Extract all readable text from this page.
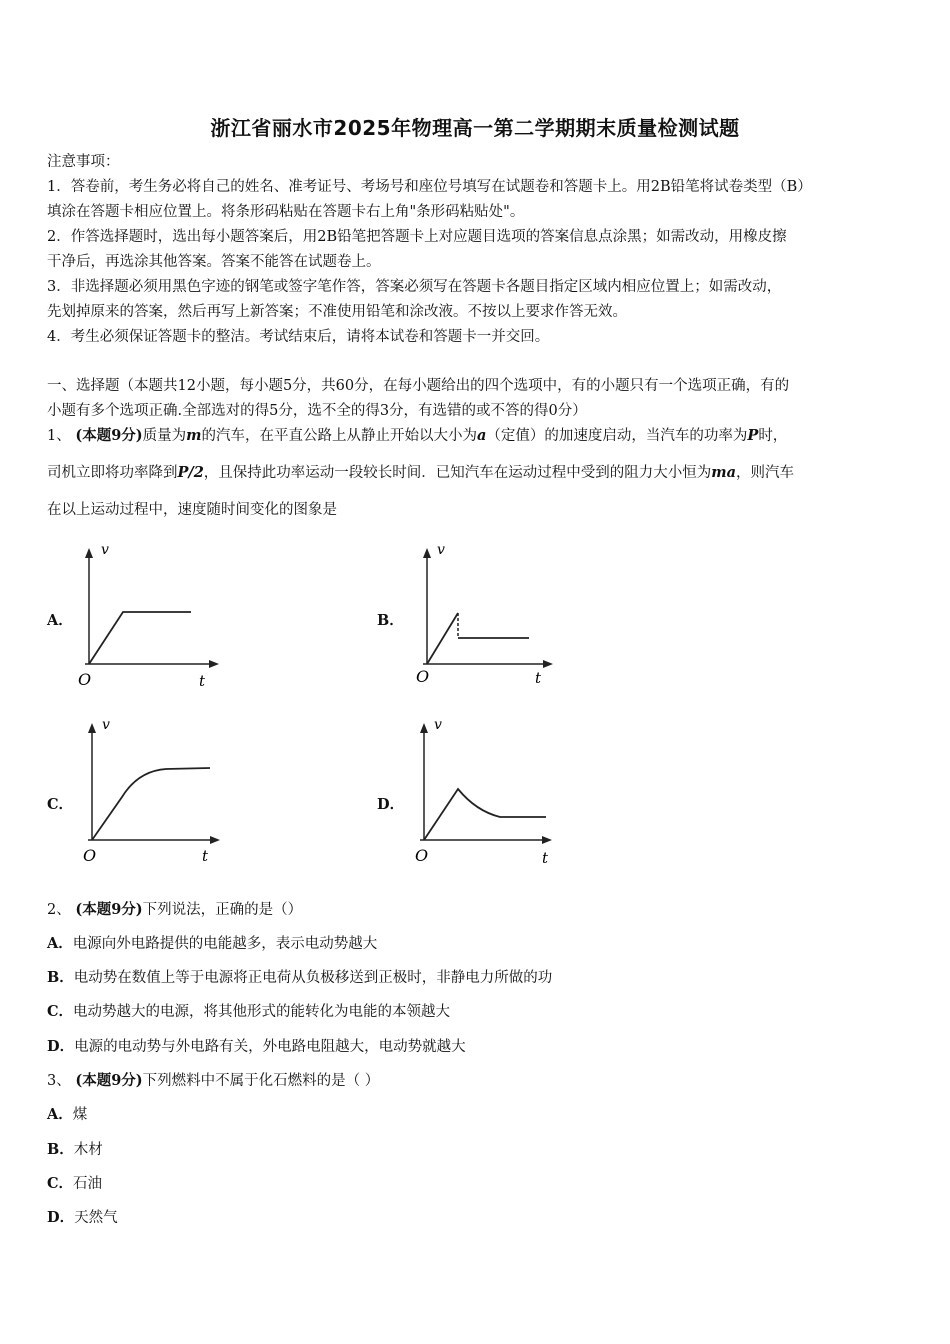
浙江省丽水市2025年物理高一第二学期期末质量检测试题
注意事项：
1．答卷前，考生务必将自己的姓名、准考证号、考场号和座位号填写在试题卷和答题卡上。用2B铅笔将试卷类型（B）
填涂在答题卡相应位置上。将条形码粘贴在答题卡右上角"条形码粘贴处"。
2．作答选择题时，选出每小题答案后，用2B铅笔把答题卡上对应题目选项的答案信息点涂黑；如需改动，用橡皮擦
干净后，再选涂其他答案。答案不能答在试题卷上。
3．非选择题必须用黑色字迹的钢笔或签字笔作答，答案必须写在答题卡各题目指定区域内相应位置上；如需改动，
先划掉原来的答案，然后再写上新答案；不准使用铅笔和涂改液。不按以上要求作答无效。
4．考生必须保证答题卡的整洁。考试结束后，请将本试卷和答题卡一并交回。
一、选择题（本题共12小题，每小题5分，共60分，在每小题给出的四个选项中，有的小题只有一个选项正确，有的
小题有多个选项正确.全部选对的得5分，选不全的得3分，有选错的或不答的得0分）
1、 (本题9分)质量为m的汽车，在平直公路上从静止开始以大小为a（定值）的加速度启动，当汽车的功率为P时，
司机立即将功率降到P/2，且保持此功率运动一段较长时间．已知汽车在运动过程中受到的阻力大小恒为ma，则汽车
在以上运动过程中，速度随时间变化的图象是
A．
v
O	t
B．
v
O	t
C．
v
O	t
D．
v
O	t
2、 (本题9分)下列说法，正确的是（）
A．电源向外电路提供的电能越多，表示电动势越大
B．电动势在数值上等于电源将正电荷从负极移送到正极时，非静电力所做的功
C．电动势越大的电源，将其他形式的能转化为电能的本领越大
D．电源的电动势与外电路有关，外电路电阻越大，电动势就越大
3、 (本题9分)下列燃料中不属于化石燃料的是（ ）
A．煤
B．木材
C．石油
D．天然气
